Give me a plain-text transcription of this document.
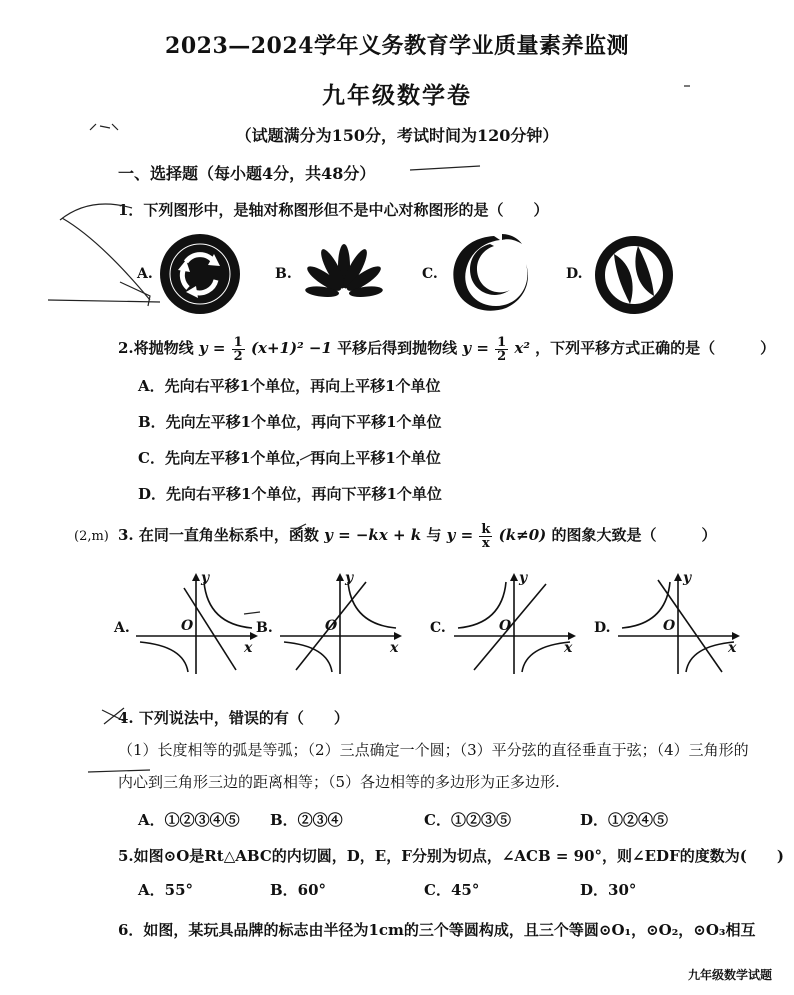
2023—2024学年义务教育学业质量素养监测
九年级数学卷
（试题满分为150分，考试时间为120分钟）
一、选择题（每小题4分，共48分）
1．下列图形中，是轴对称图形但不是中心对称图形的是（　　）
A.	B.	C.	D.
2.将抛物线 $y = \frac{1}{2} (x+1)^2 -1$ 平移后得到抛物线 $y = \frac{1}{2} x^2$ ，下列平移方式正确的是（　　　）
A．先向右平移1个单位，再向上平移1个单位
B．先向左平移1个单位，再向下平移1个单位
C．先向左平移1个单位，再向上平移1个单位
D．先向右平移1个单位，再向下平移1个单位
(2,m) 3. 在同一直角坐标系中，函数 y = −kx + k 与 $y = \frac{k}{x} (k\ne 0)$ 的图象大致是（　　　）
A.
y
x
O	B.
y
x
O	C.
y
x
O	D.
y
x
O
4. 下列说法中，错误的有（　　）
（1）长度相等的弧是等弧；（2）三点确定一个圆；（3）平分弦的直径垂直于弦；（4）三角形的
内心到三角形三边的距离相等；（5）各边相等的多边形为正多边形.
A．①②③④⑤ B．②③④	C．①②③⑤	D．①②④⑤
5.如图⊙O是Rt△ABC的内切圆，D，E，F分别为切点，∠ACB = 90°，则∠EDF的度数为(　　)
A．55°	B．60°	C．45°	D．30°
6．如图，某玩具品牌的标志由半径为1cm的三个等圆构成，且三个等圆⊙O₁，⊙O₂，⊙O₃相互
九年级数学试题
